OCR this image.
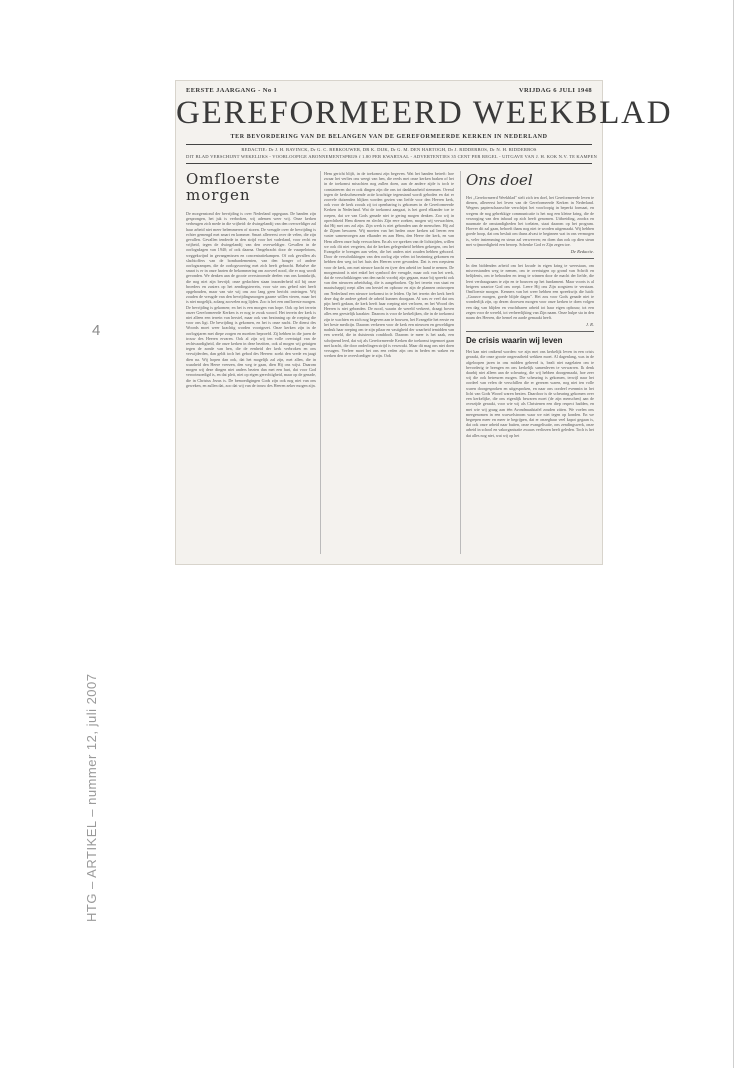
4
EERSTE JAARGANG - No 1	VRIJDAG 6 JULI 1948
GEREFORMEERD WEEKBLAD
TER BEVORDERING VAN DE BELANGEN VAN DE GEREFORMEERDE KERKEN IN NEDERLAND
REDACTIE: Dr J. H. BAVINCK, Dr G. C. BERKOUWER, DR K. DIJK, Dr G. M. DEN HARTOGH, Dr J. RIDDERBOS, Dr N. H. RIDDERBOS
DIT BLAD VERSCHIJNT WEKELIJKS - VOORLOOPIGE ABONNEMENTSPRIJS f 1.80 PER KWARTAAL - ADVERTENTIES 35 CENT PER REGEL - UITGAVE VAN J. H. KOK N.V. TE KAMPEN
Omfloerste morgen
De morgenstond der bevrijding is over Nederland opgegaan. De banden zijn gesprongen, het juk is verbroken, wij ademen weer vrij. Onze kerken verheugen zich mede in die vrijheid: de dwingelandij van den overweldiger zal haar arbeid niet meer belemmeren of storen. De vreugde over de bevrijding is echter gemengd met smart en kommer. Smart allereerst over de velen, die zijn gevallen. Gevallen tenderde in den strijd voor het vaderland, voor recht en vrijheid, tegen de dwingelandij van den overweldiger. Gevallen in de oorlogsdagen van 1940; of ook daarna. Omgebracht door de vuurpelotons, weggekwijnd in gevangenissen en concentratiekampen. Of ook gevallen als slachtoffers van de bombardementen, van den honger of andere oorlogsrampen, die de oorlogsvoering met zich heeft gebracht. Behalve die smart is er in onze harten de bekommering om zooveel nood, die er nog wordt gevonden. We denken aan de groote overstroomde deelen van ons koninkrijk, die nog niet zijn bevrijd; onze gedachten staan inzonderheid stil bij onze broeders en zusters op het zendingsterrein, voor wie ons gebed niet heeft opgehouden, maar van wie wij ons zoo lang geen bericht ontvingen. Wij zouden de vreugde van den bevrijdingsmorgen gaarne willen vieren, maar het is niet mogelijk, zolang zoovelen nog lijden. Zoo is het een omfloerste morgen. De bevrijding is gekomen; en het is een morgen van hope. Ook op het terrein onzer Gereformeerde Kerken is er nog te zwak woord. Het terrein der kerk is niet alleen een terrein van herstel, maar ook van bezinning op de roeping die voor ons ligt. De bevrijding is gekomen, en het is onze nacht. De dienst des Woords moet weer krachtig worden voortgezet. Onze kerken zijn in de oorlogsjaren met diepe zorgen en moeiten beproefd. Zij hebben in die jaren de trouw des Heeren ervaren. Ook al zijn wij ten volle overtuigd van de rechtvaardigheid, die onze kerken in deze bezitten, ook al mogen wij getuigen tegen de zonde van hen, die de eenheid der kerk verbroken en ons verwijderden, dan geldt toch het gebod des Heeren: zoekt den vrede en jaagt dien na. Wij hopen dan ook, dat het mogelijk zal zijn, met allen, die in waarheid den Heere vreezen, den weg te gaan, dien Hij ons wijst. Daarom mogen wij deze dingen niet anders bezien dan met een hart, dat voor God verootmoedigd is, en dat pleit, niet op eigen gerechtigheid, maar op de genade, die in Christus Jezus is. De bemoedigingen Gods zijn ook nog niet van ons geweken, en zullen dat, zoo dat wij van de trouw des Heeren zeker mogen zijn.
Hem gericht blijft, in de toekomst zijn begeven. Wat het banden betreft: hoe zwaar het verlies ons weegt van hen, die reeds met onze kerken braken of het in de toekomst misschien nog zullen doen, aan de andere zijde is toch te constateeren dat er ook dingen zijn die ons tot dankbaarheid stemmen. Overal tegen de kerkscheurende actie krachtige tegenstand wordt geboden en dat er zoovele duizenden blijken worden gezien van liefde voor den Heeren kerk, ook voor de kerk zooals zij tot openbaring is gekomen in de Gereformeerde Kerken in Nederland. Wat de toekomst aangaat, is het goed elkander toe te roepen, dat we van Gods genade niet te gering mogen denken. Zoo wij in oprechtheid Hem dienen en slechts Zijn eere zoeken, mogen wij verwachten, dat Hij met ons zal zijn. Zijn werk is niet gebonden aan de menschen. Hij zal de Zijnen bewaren. Wij moeten van het heden onze kerken zal leeren een vaster samenvoegen aan elkander en aan Hem, den Heere der kerk, en van Hem alleen onze hulp verwachten. En als we spreken van de lichtzijden, willen we ook dit niet vergeten, dat de kerken gelegenheid hebben gekregen, om het Evangelie te brengen aan velen, die het anders niet zouden hebben gehoord. Door de verschrikkingen van den oorlog zijn velen tot bezinning gekomen en hebben den weg tot het huis des Heeren weer gevonden. Dat is een roepstem voor de kerk, om met nieuwe kracht en ijver den arbeid ter hand te nemen. De morgenstond is niet enkel het symbool der vreugde, maar ook van het werk, dat de verschrikkingen van den nacht voorbij zijn gegaan, maar bij spreekt ook van den nieuwen arbeidsdag, die is aangebroken. Op het terrein van staat en maatschappij roept alles om herstel en opbouw en zijn de plannen ontworpen om Nederland een nieuwe toekomst in te leiden. Op het terrein der kerk heeft deze dag de andere gebed de arbeid kunnen doorgaan. Al was er veel dat ons pijn heeft gedaan, de kerk heeft haar roeping niet verloren, en het Woord des Heeren is niet gebonden. De nood, waarin de wereld verkeert, draagt boven alles een geestelijk karakter. Daarom is voor de kerkelijken, die in de toekomst zijn te wachten en zich nog begeven aan te bouwen, het Evangelie het eerste en het beste medicijn. Daarom verkeren voor de kerk een nieuwen en geweldigen nadruk haar roeping om te zijn pilaar en vastigheid der waarheid temidden van een wereld, die in duisternis ronddoolt. Daarom te meer is het zaak, een schrijnend leed, dat wij als Gereformeerde Kerken die toekomst tegemoet gaan met kracht, die door onderlingen strijd is verzwakt. Maar dit mag ons niet doen versagen. Veeleer moet het ons een reden zijn om in beden en waken en werken den te overvloediger te zijn. Ook
Ons doel
Het „Gereformeerd Weekblad" stelt zich ten doel, het Gereformeerde leven te dienen, allereerst het leven van de Gereformeerde Kerken in Nederland. Wegens papierschaarschte verschijnt het voorloopig in beperkt formaat, en wegens de nog gebrekkige communicatie is het nog een kleine kring, die de verzorging van den inhoud op zich heeft genomen. Uitbreiding, zoodra en naarmate de omstandigheden het toelaten, staat daarom op het program. Hoever dit zal gaan, behoeft thans nog niet te worden uitgemaakt. Wij hebben goede hoop, dat ons besluit om thans alvast te beginnen wat in ons vermogen is, veler instemming en steun zal verwerven; en doen dan ook op dien steun met vrijmoedigheid een beroep. Schenke God er Zijn zegen toe.
De Redactie.
In den biddenden arbeid om het kwade in eigen kring te weerstaan, om misverstanden weg te nemen, om te overtuigen op grond van Schrift en belijdenis, om te behouden en terug te winnen door de macht der liefde, die leert verdraagzaam te zijn en te bouwen op het fundament. Maar voorts is al betgeen waartoe God ons roept. Leere Hij ons Zijn zorgstem te verstaan. Omfloerste morgen. Kenners van het weer hebben een spreekwijs die luidt: „Grauwe morgen, goede blijde dagen". Het zou voor Gods genade niet te wonderlijk zijn, op dezen doorwen morgen voor onze kerken te doen volgen een dag van blijden en vruchtbaren arbeid tot haar eigen opbouw, tot een zegen voor de wereld, tot verheerlijking van Zijn naam. Onze hulpe sta in den naam des Heeren, die hemel en aarde gemaakt heeft.
J. R.
De crisis waarin wij leven
Het kan niet ontkend worden: we zijn met ons kerkelijk leven in een crisis geraakt, die onze groote ongerustheid wekken moet. Al dagenlang, was in de afgeloopen jaren in ons midden geheerd is, bealt niet nagelaten om te bevorderig te brengen en ons kerkelijk samenleven te verwarren. Ik denk daarbij niet alleen aan de scheuring, die wij hebben doorgemaakt, hoe zeer wij die ook betreuren mogen. Die scheuring is gekomen, terwijl naar het oordeel van velen de verschillen die er gerezen waren, nog niet ten volle waren doorgesproken en uitgesproken, en naar ons oordeel evenmin in het licht van Gods Woord waren bezien. Daardoor is de scheuring gekomen over een kerkelijke, die ons eigenlijk bewaren moet (de zijn menschen) aan de overzijde geraakt, voor wie wij als Christenen een diep respect hadden, en met wie wij graag aan één Avondmaalstafel zouden zitten. We voelen ons meegenomen in een warwelstroom waar we niet tegen op konden. En we begrepen meer en meer te begrijpen, dat er onzegbaar veel kapot gegaan is, dat ook onze arbeid naar buiten, onze evangelisatie, ons zendingswerk, onze arbeid in school en vakorganisatie zwaars verliezen heeft geleden. Toch is het dat alles nog niet, wat wij op het
HTG – ARTIKEL – nummer 12, juli 2007
